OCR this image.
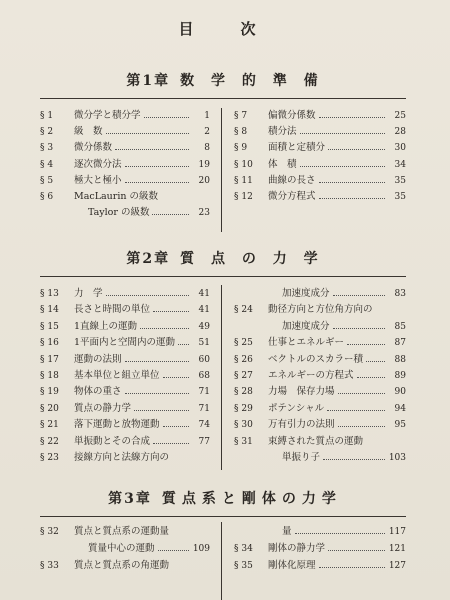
目　次
第1章 数 学 的 準 備
§ 1	微分学と積分学	1
§ 2	級　数	2
§ 3	微分係数	8
§ 4	逐次微分法	19
§ 5	極大と極小	20
§ 6	MacLaurin の級数
Taylor の級数	23
§ 7	偏微分係数	25
§ 8	積分法	28
§ 9	面積と定積分	30
§ 10	体　積	34
§ 11	曲線の長さ	35
§ 12	微分方程式	35
第2章 質 点 の 力 学
§ 13	力　学	41
§ 14	長さと時間の単位	41
§ 15	1直線上の運動	49
§ 16	1平面内と空間内の運動	51
§ 17	運動の法則	60
§ 18	基本単位と組立単位	68
§ 19	物体の重さ	71
§ 20	質点の静力学	71
§ 21	落下運動と放物運動	74
§ 22	単振動とその合成	77
§ 23	接線方向と法線方向の
加速度成分	83
§ 24	動径方向と方位角方向の
加速度成分	85
§ 25	仕事とエネルギー	87
§ 26	ベクトルのスカラー積	88
§ 27	エネルギーの方程式	89
§ 28	力場　保存力場	90
§ 29	ポテンシャル	94
§ 30	万有引力の法則	95
§ 31	束縛された質点の運動
単振り子	103
第3章 質点系と剛体の力学
§ 32	質点と質点系の運動量
質量中心の運動	109
§ 33	質点と質点系の角運動
量	117
§ 34	剛体の静力学	121
§ 35	剛体化原理	127
